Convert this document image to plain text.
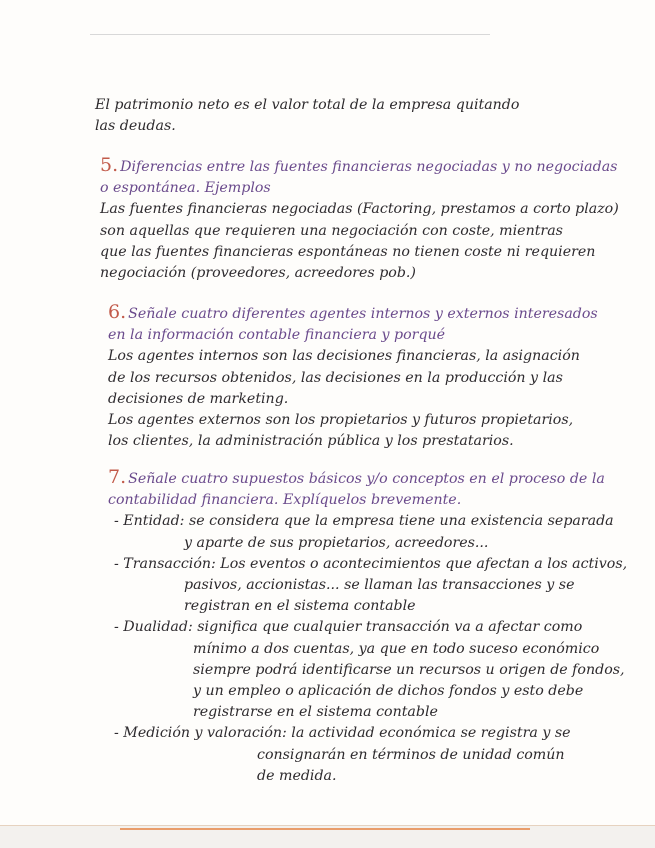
El patrimonio neto es el valor total de la empresa quitando
las deudas.
5. Diferencias entre las fuentes financieras negociadas y no negociadas
o espontánea. Ejemplos
Las fuentes financieras negociadas (Factoring, prestamos a corto plazo)
son aquellas que requieren una negociación con coste, mientras
que las fuentes financieras espontáneas no tienen coste ni requieren
negociación (proveedores, acreedores pob.)
6. Señale cuatro diferentes agentes internos y externos interesados
en la información contable financiera y porqué
Los agentes internos son las decisiones financieras, la asignación
de los recursos obtenidos, las decisiones en la producción y las
decisiones de marketing.
Los agentes externos son los propietarios y futuros propietarios,
los clientes, la administración pública y los prestatarios.
7. Señale cuatro supuestos básicos y/o conceptos en el proceso de la
contabilidad financiera. Explíquelos brevemente.
- Entidad: se considera que la empresa tiene una existencia separada
y aparte de sus propietarios, acreedores...
- Transacción: Los eventos o acontecimientos que afectan a los activos,
pasivos, accionistas... se llaman las transacciones y se
registran en el sistema contable
- Dualidad: significa que cualquier transacción va a afectar como
mínimo a dos cuentas, ya que en todo suceso económico
siempre podrá identificarse un recursos u origen de fondos,
y un empleo o aplicación de dichos fondos y esto debe
registrarse en el sistema contable
- Medición y valoración: la actividad económica se registra y se
consignarán en términos de unidad común
de medida.
